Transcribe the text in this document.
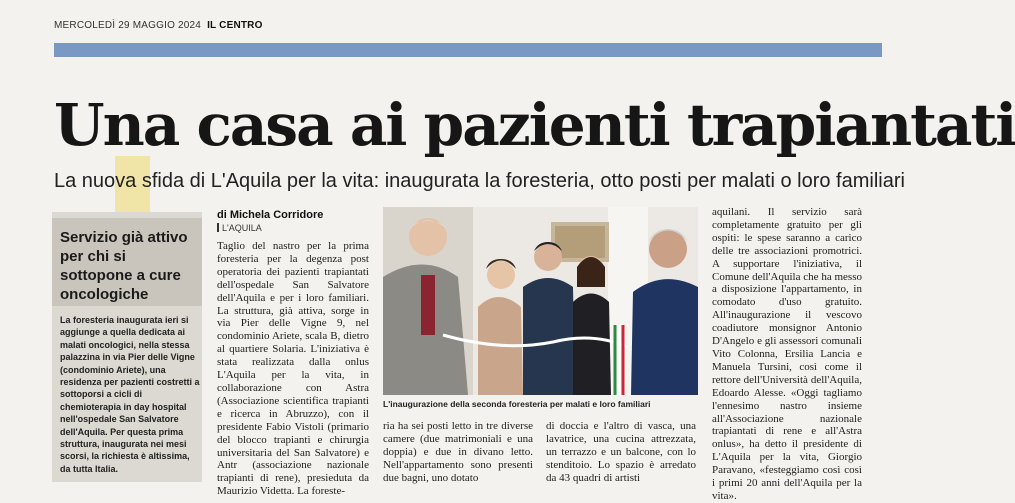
MERCOLEDÌ 29 MAGGIO 2024 IL CENTRO
Una casa ai pazienti trapiantati
La nuova sfida di L'Aquila per la vita: inaugurata la foresteria, otto posti per malati o loro familiari
Servizio già attivo per chi si sottopone a cure oncologiche
La foresteria inaugurata ieri si aggiunge a quella dedicata ai malati oncologici, nella stessa palazzina in via Pier delle Vigne (condominio Ariete), una residenza per pazienti costretti a sottoporsi a cicli di chemioterapia in day hospital nell'ospedale San Salvatore dell'Aquila. Per questa prima struttura, inaugurata nei mesi scorsi, la richiesta è altissima, da tutta Italia.
di Michela Corridore
L'AQUILA
Taglio del nastro per la prima foresteria per la degenza post operatoria dei pazienti trapiantati dell'ospedale San Salvatore dell'Aquila e per i loro familiari. La struttura, già attiva, sorge in via Pier delle Vigne 9, nel condominio Ariete, scala B, dietro al quartiere Solaria. L'iniziativa è stata realizzata dalla onlus L'Aquila per la vita, in collaborazione con Astra (Associazione scientifica trapianti e ricerca in Abruzzo), con il presidente Fabio Vistoli (primario del blocco trapianti e chirurgia universitaria del San Salvatore) e Antr (associazione nazionale trapianti di rene), presieduta da Maurizio Videtta. La foreste-
L'inaugurazione della seconda foresteria per malati e loro familiari
ria ha sei posti letto in tre diverse camere (due matrimoniali e una doppia) e due in divano letto. Nell'appartamento sono presenti due bagni, uno dotato
di doccia e l'altro di vasca, una lavatrice, una cucina attrezzata, un terrazzo e un balcone, con lo stenditoio. Lo spazio è arredato da 43 quadri di artisti
aquilani. Il servizio sarà completamente gratuito per gli ospiti: le spese saranno a carico delle tre associazioni promotrici. A supportare l'iniziativa, il Comune dell'Aquila che ha messo a disposizione l'appartamento, in comodato d'uso gratuito. All'inaugurazione il vescovo coadiutore monsignor Antonio D'Angelo e gli assessori comunali Vito Colonna, Ersilia Lancia e Manuela Tursini, così come il rettore dell'Università dell'Aquila, Edoardo Alesse. «Oggi tagliamo l'ennesimo nastro insieme all'Associazione nazionale trapiantati di rene e all'Astra onlus», ha detto il presidente di L'Aquila per la vita, Giorgio Paravano, «festeggiamo così così i primi 20 anni dell'Aquila per la vita».
